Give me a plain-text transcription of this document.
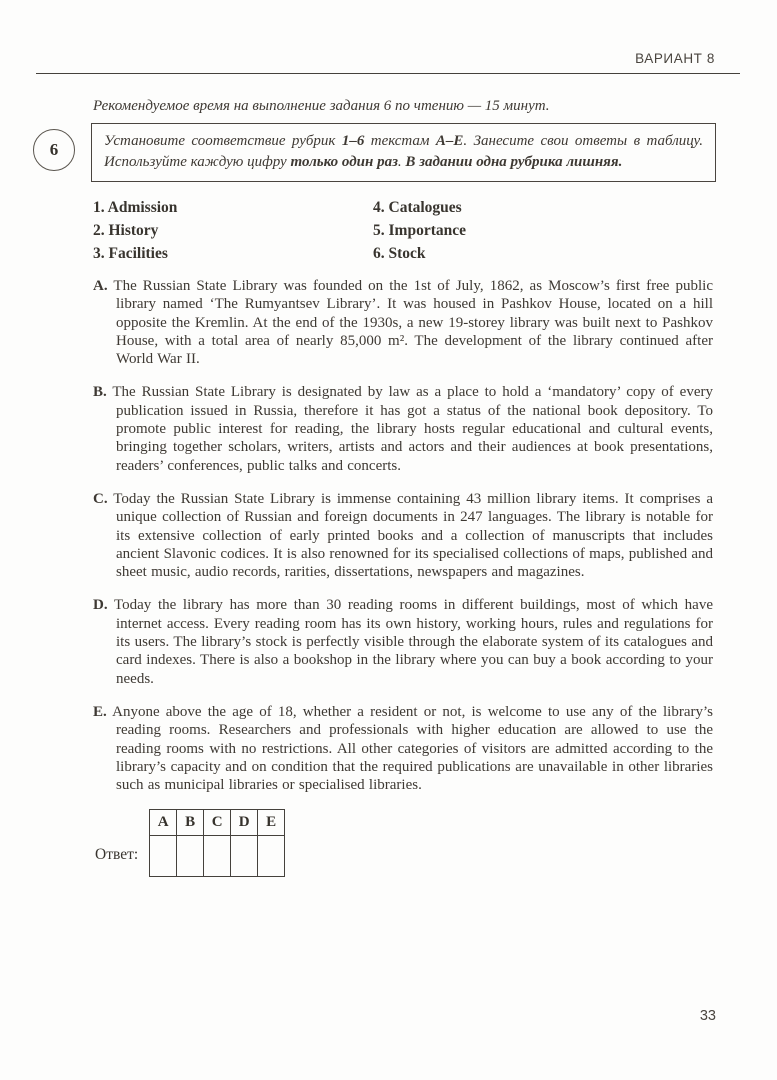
ВАРИАНТ 8

Рекомендуемое время на выполнение задания 6 по чтению — 15 минут.

6	Установите соответствие рубрик 1–6 текстам А–Е. Занесите свои ответы в таблицу. Используйте каждую цифру только один раз. В задании одна рубрика лишняя.
1. Admission
2. History
3. Facilities
4. Catalogues
5. Importance
6. Stock

A. The Russian State Library was founded on the 1st of July, 1862, as Moscow’s first free public library named ‘The Rumyantsev Library’. It was housed in Pashkov House, located on a hill opposite the Kremlin. At the end of the 1930s, a new 19-storey library was built next to Pashkov House, with a total area of nearly 85,000 m². The development of the library continued after World War II.

B. The Russian State Library is designated by law as a place to hold a ‘mandatory’ copy of every publication issued in Russia, therefore it has got a status of the national book depository. To promote public interest for reading, the library hosts regular educational and cultural events, bringing together scholars, writers, artists and actors and their audiences at book presentations, readers’ conferences, public talks and concerts.

C. Today the Russian State Library is immense containing 43 million library items. It comprises a unique collection of Russian and foreign documents in 247 languages. The library is notable for its extensive collection of early printed books and a collection of manuscripts that includes ancient Slavonic codices. It is also renowned for its specialised collections of maps, published and sheet music, audio records, rarities, dissertations, newspapers and magazines.

D. Today the library has more than 30 reading rooms in different buildings, most of which have internet access. Every reading room has its own history, working hours, rules and regulations for its users. The library’s stock is perfectly visible through the elaborate system of its catalogues and card indexes. There is also a bookshop in the library where you can buy a book according to your needs.

E. Anyone above the age of 18, whether a resident or not, is welcome to use any of the library’s reading rooms. Researchers and professionals with higher education are allowed to use the reading rooms with no restrictions. All other categories of visitors are admitted according to the library’s capacity and on condition that the required publications are unavailable in other libraries such as municipal libraries or specialised libraries.

Ответ:
A	B	C	D	E

33
